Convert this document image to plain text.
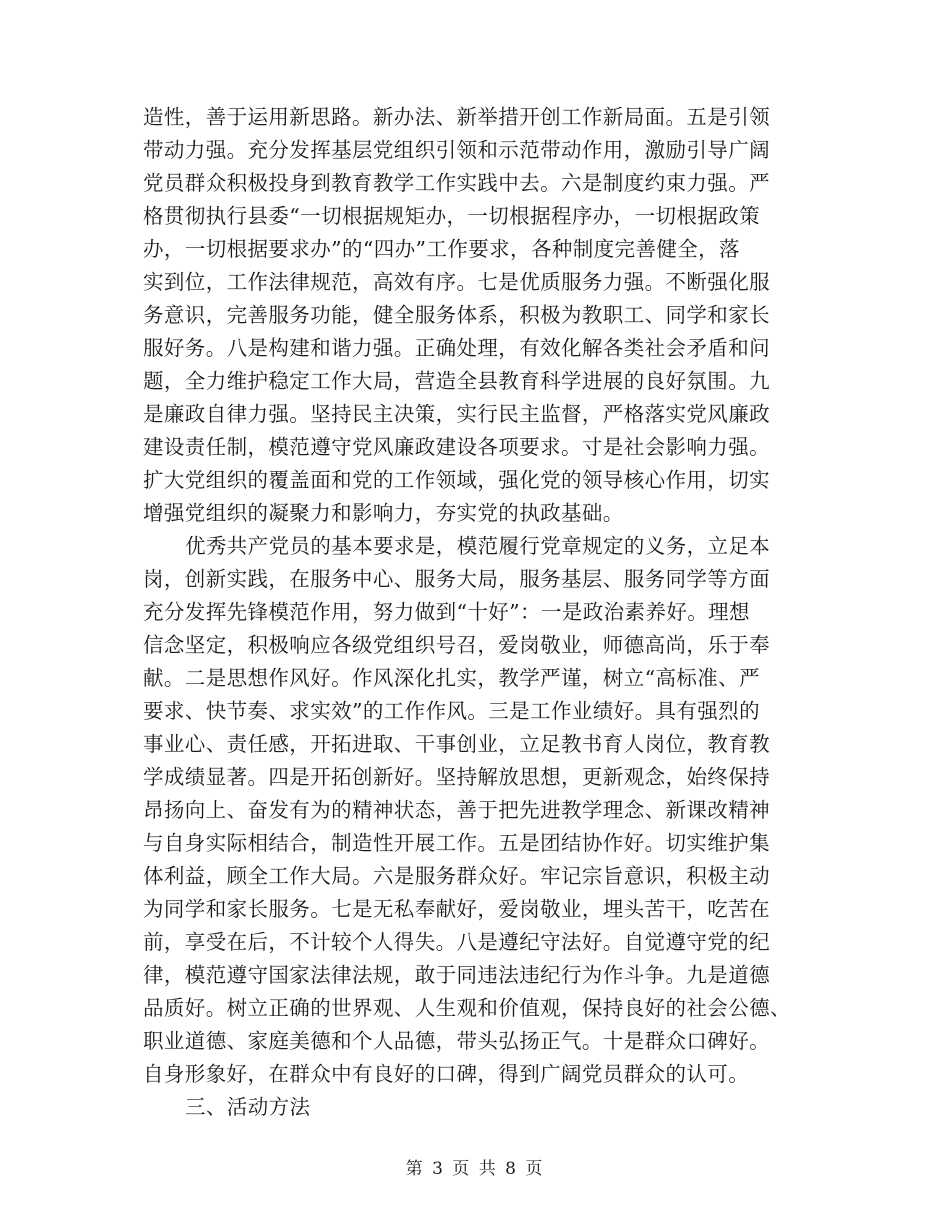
造性，善于运用新思路。新办法、新举措开创工作新局面。五是引领
带动力强。充分发挥基层党组织引领和示范带动作用，激励引导广阔
党员群众积极投身到教育教学工作实践中去。六是制度约束力强。严
格贯彻执行县委“一切根据规矩办，一切根据程序办，一切根据政策
办，一切根据要求办”的“四办”工作要求，各种制度完善健全，落
实到位，工作法律规范，高效有序。七是优质服务力强。不断强化服
务意识，完善服务功能，健全服务体系，积极为教职工、同学和家长
服好务。八是构建和谐力强。正确处理，有效化解各类社会矛盾和问
题，全力维护稳定工作大局，营造全县教育科学进展的良好氛围。九
是廉政自律力强。坚持民主决策，实行民主监督，严格落实党风廉政
建设责任制，模范遵守党风廉政建设各项要求。寸是社会影响力强。
扩大党组织的覆盖面和党的工作领域，强化党的领导核心作用，切实
增强党组织的凝聚力和影响力，夯实党的执政基础。
优秀共产党员的基本要求是，模范履行党章规定的义务，立足本
岗，创新实践，在服务中心、服务大局，服务基层、服务同学等方面
充分发挥先锋模范作用，努力做到“十好”：一是政治素养好。理想
信念坚定，积极响应各级党组织号召，爱岗敬业，师德高尚，乐于奉
献。二是思想作风好。作风深化扎实，教学严谨，树立“高标准、严
要求、快节奏、求实效”的工作作风。三是工作业绩好。具有强烈的
事业心、责任感，开拓进取、干事创业，立足教书育人岗位，教育教
学成绩显著。四是开拓创新好。坚持解放思想，更新观念，始终保持
昂扬向上、奋发有为的精神状态，善于把先进教学理念、新课改精神
与自身实际相结合，制造性开展工作。五是团结协作好。切实维护集
体利益，顾全工作大局。六是服务群众好。牢记宗旨意识，积极主动
为同学和家长服务。七是无私奉献好，爱岗敬业，埋头苦干，吃苦在
前，享受在后，不计较个人得失。八是遵纪守法好。自觉遵守党的纪
律，模范遵守国家法律法规，敢于同违法违纪行为作斗争。九是道德
品质好。树立正确的世界观、人生观和价值观，保持良好的社会公德、
职业道德、家庭美德和个人品德，带头弘扬正气。十是群众口碑好。
自身形象好，在群众中有良好的口碑，得到广阔党员群众的认可。
三、活动方法
第 3 页 共 8 页
